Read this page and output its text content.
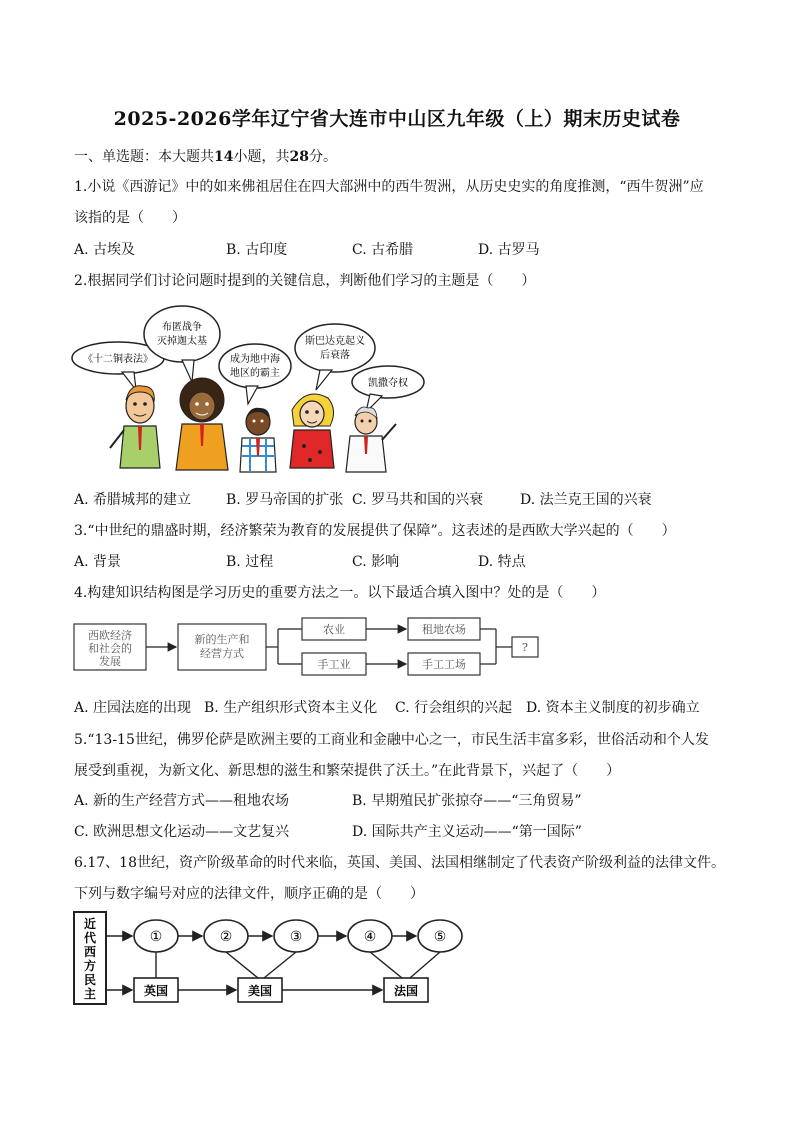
2025-2026学年辽宁省大连市中山区九年级（上）期末历史试卷
一、单选题：本大题共14小题，共28分。
1.小说《西游记》中的如来佛祖居住在四大部洲中的西牛贺洲，从历史史实的角度推测，“西牛贺洲”应
该指的是（　　）
A. 古埃及	B. 古印度	C. 古希腊	D. 古罗马
2.根据同学们讨论问题时提到的关键信息，判断他们学习的主题是（　　）
《十二铜表法》
布匿战争
灭掉迦太基
成为地中海
地区的霸主
斯巴达克起义
后衰落
凯撒夺权
A. 希腊城邦的建立 B. 罗马帝国的扩张 C. 罗马共和国的兴衰	D. 法兰克王国的兴衰
3.“中世纪的鼎盛时期，经济繁荣为教育的发展提供了保障”。这表述的是西欧大学兴起的（　　）
A. 背景	B. 过程	C. 影响	D. 特点
4.构建知识结构图是学习历史的重要方法之一。以下最适合填入图中？处的是（　　）
西欧经济
和社会的
发展
新的生产和
经营方式
农业
手工业
租地农场
手工工场
?
A. 庄园法庭的出现 B. 生产组织形式资本主义化 C. 行会组织的兴起 D. 资本主义制度的初步确立
5.“13-15世纪，佛罗伦萨是欧洲主要的工商业和金融中心之一，市民生活丰富多彩，世俗活动和个人发
展受到重视，为新文化、新思想的滋生和繁荣提供了沃土。”在此背景下，兴起了（　　）
A. 新的生产经营方式——租地农场	B. 早期殖民扩张掠夺——“三角贸易”
C. 欧洲思想文化运动——文艺复兴	D. 国际共产主义运动——“第一国际”
6.17、18世纪，资产阶级革命的时代来临，英国、美国、法国相继制定了代表资产阶级利益的法律文件。
下列与数字编号对应的法律文件，顺序正确的是（　　）
近
代
西
方
民
主
①	②	③	④	⑤
英国	美国	法国
